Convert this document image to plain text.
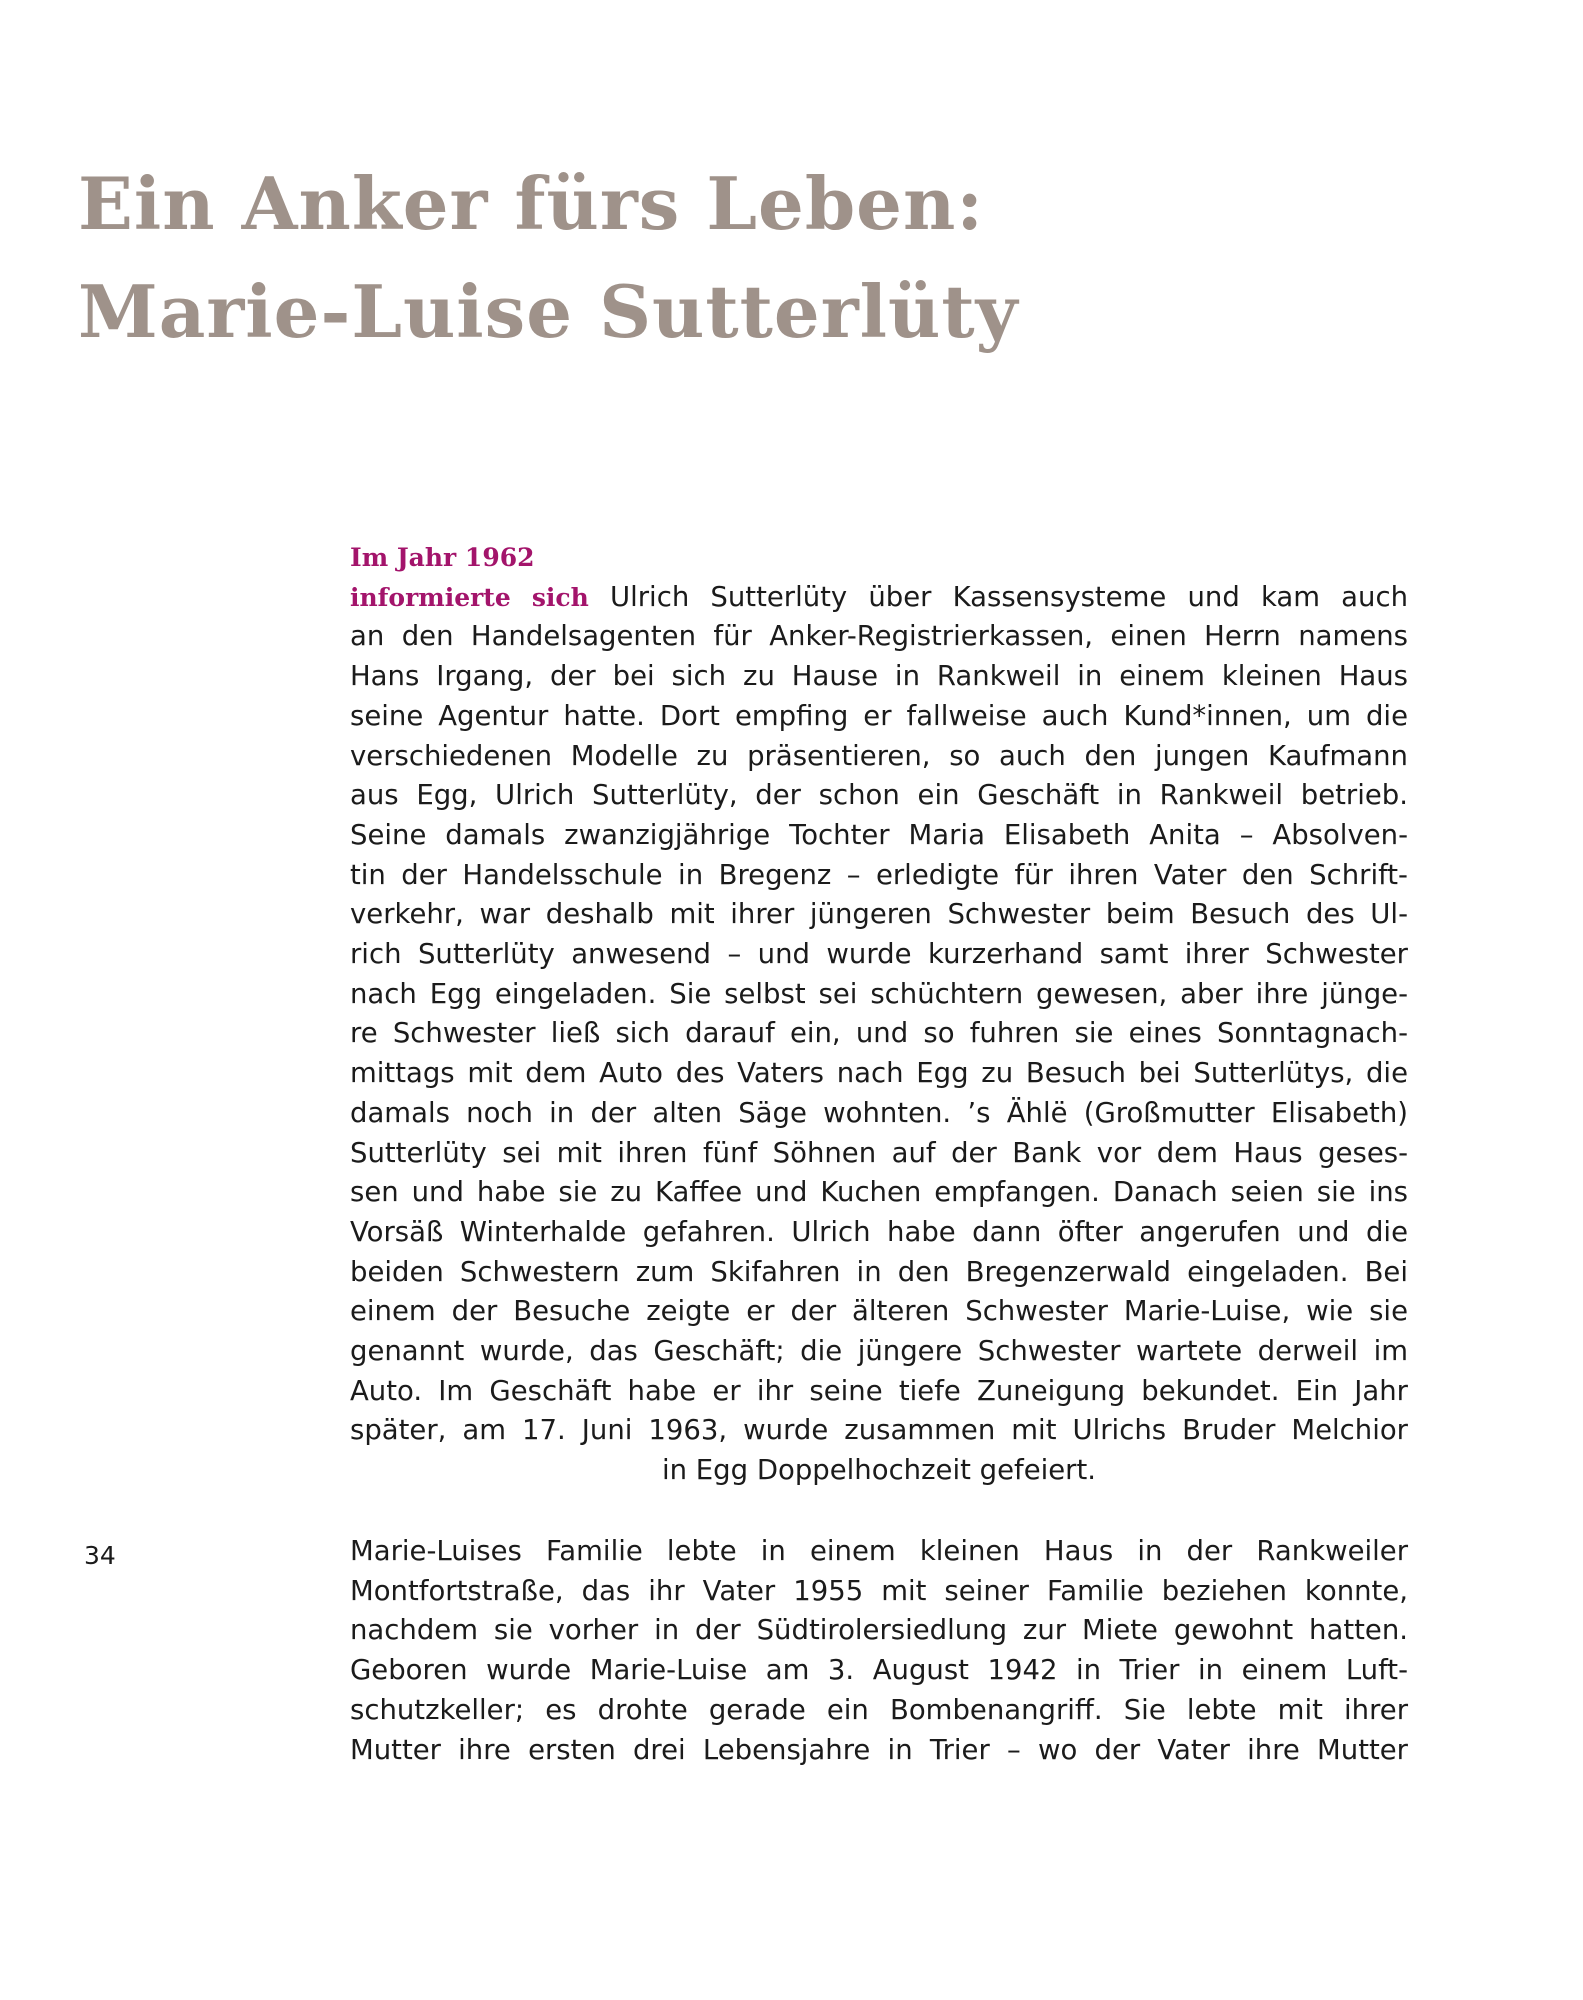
Ein Anker fürs Leben:
Marie-Luise Sutterlüty
Im Jahr 1962
informierte sich Ulrich Sutterlüty über Kassensysteme und kam auch
an den Handelsagenten für Anker-Registrierkassen, einen Herrn namens
Hans Irgang, der bei sich zu Hause in Rankweil in einem kleinen Haus
seine Agentur hatte. Dort empfing er fallweise auch Kund*innen, um die
verschiedenen Modelle zu präsentieren, so auch den jungen Kaufmann
aus Egg, Ulrich Sutterlüty, der schon ein Geschäft in Rankweil betrieb.
Seine damals zwanzigjährige Tochter Maria Elisabeth Anita – Absolven-
tin der Handelsschule in Bregenz – erledigte für ihren Vater den Schrift-
verkehr, war deshalb mit ihrer jüngeren Schwester beim Besuch des Ul-
rich Sutterlüty anwesend – und wurde kurzerhand samt ihrer Schwester
nach Egg eingeladen. Sie selbst sei schüchtern gewesen, aber ihre jünge-
re Schwester ließ sich darauf ein, und so fuhren sie eines Sonntagnach-
mittags mit dem Auto des Vaters nach Egg zu Besuch bei Sutterlütys, die
damals noch in der alten Säge wohnten. ’s Ählë (Großmutter Elisabeth)
Sutterlüty sei mit ihren fünf Söhnen auf der Bank vor dem Haus geses-
sen und habe sie zu Kaffee und Kuchen empfangen. Danach seien sie ins
Vorsäß Winterhalde gefahren. Ulrich habe dann öfter angerufen und die
beiden Schwestern zum Skifahren in den Bregenzerwald eingeladen. Bei
einem der Besuche zeigte er der älteren Schwester Marie-Luise, wie sie
genannt wurde, das Geschäft; die jüngere Schwester wartete derweil im
Auto. Im Geschäft habe er ihr seine tiefe Zuneigung bekundet. Ein Jahr
später, am 17. Juni 1963, wurde zusammen mit Ulrichs Bruder Melchior
in Egg Doppelhochzeit gefeiert.
34	Marie-Luises Familie lebte in einem kleinen Haus in der Rankweiler
Montfortstraße, das ihr Vater 1955 mit seiner Familie beziehen konnte,
nachdem sie vorher in der Südtirolersiedlung zur Miete gewohnt hatten.
Geboren wurde Marie-Luise am 3. August 1942 in Trier in einem Luft-
schutzkeller; es drohte gerade ein Bombenangriff. Sie lebte mit ihrer
Mutter ihre ersten drei Lebensjahre in Trier – wo der Vater ihre Mutter
